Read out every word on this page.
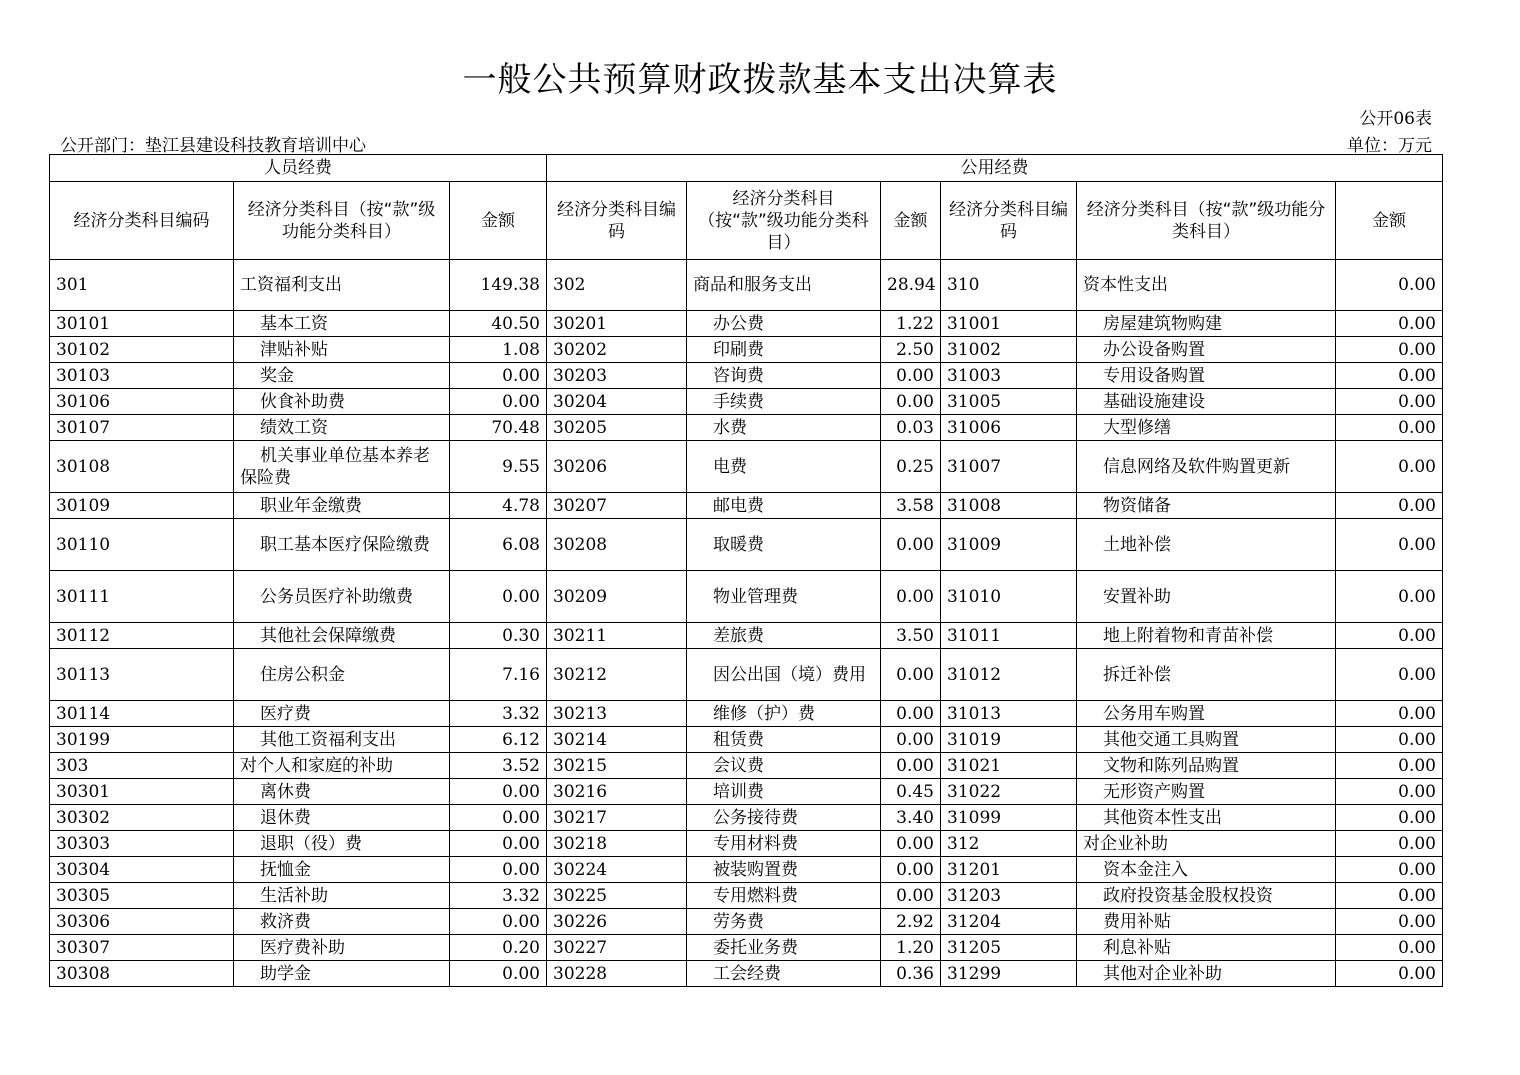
一般公共预算财政拨款基本支出决算表
公开06表
公开部门：垫江县建设科技教育培训中心	单位：万元
人员经费			公用经费					
经济分类科目编码	经济分类科目（按“款”级功能分类科目）	金额	经济分类科目编码	经济分类科目（按“款”级功能分类科目）	金额	经济分类科目编码	经济分类科目（按“款”级功能分类科目）	金额
301	工资福利支出	149.38	302	商品和服务支出	28.94	310	资本性支出	0.00
30101	基本工资	40.50	30201	办公费	1.22	31001	房屋建筑物购建	0.00
30102	津贴补贴	1.08	30202	印刷费	2.50	31002	办公设备购置	0.00
30103	奖金	0.00	30203	咨询费	0.00	31003	专用设备购置	0.00
30106	伙食补助费	0.00	30204	手续费	0.00	31005	基础设施建设	0.00
30107	绩效工资	70.48	30205	水费	0.03	31006	大型修缮	0.00
30108	机关事业单位基本养老保险费	9.55	30206	电费	0.25	31007	信息网络及软件购置更新	0.00
30109	职业年金缴费	4.78	30207	邮电费	3.58	31008	物资储备	0.00
30110	职工基本医疗保险缴费	6.08	30208	取暖费	0.00	31009	土地补偿	0.00
30111	公务员医疗补助缴费	0.00	30209	物业管理费	0.00	31010	安置补助	0.00
30112	其他社会保障缴费	0.30	30211	差旅费	3.50	31011	地上附着物和青苗补偿	0.00
30113	住房公积金	7.16	30212	因公出国（境）费用	0.00	31012	拆迁补偿	0.00
30114	医疗费	3.32	30213	维修（护）费	0.00	31013	公务用车购置	0.00
30199	其他工资福利支出	6.12	30214	租赁费	0.00	31019	其他交通工具购置	0.00
303	对个人和家庭的补助	3.52	30215	会议费	0.00	31021	文物和陈列品购置	0.00
30301	离休费	0.00	30216	培训费	0.45	31022	无形资产购置	0.00
30302	退休费	0.00	30217	公务接待费	3.40	31099	其他资本性支出	0.00
30303	退职（役）费	0.00	30218	专用材料费	0.00	312	对企业补助	0.00
30304	抚恤金	0.00	30224	被装购置费	0.00	31201	资本金注入	0.00
30305	生活补助	3.32	30225	专用燃料费	0.00	31203	政府投资基金股权投资	0.00
30306	救济费	0.00	30226	劳务费	2.92	31204	费用补贴	0.00
30307	医疗费补助	0.20	30227	委托业务费	1.20	31205	利息补贴	0.00
30308	助学金	0.00	30228	工会经费	0.36	31299	其他对企业补助	0.00
